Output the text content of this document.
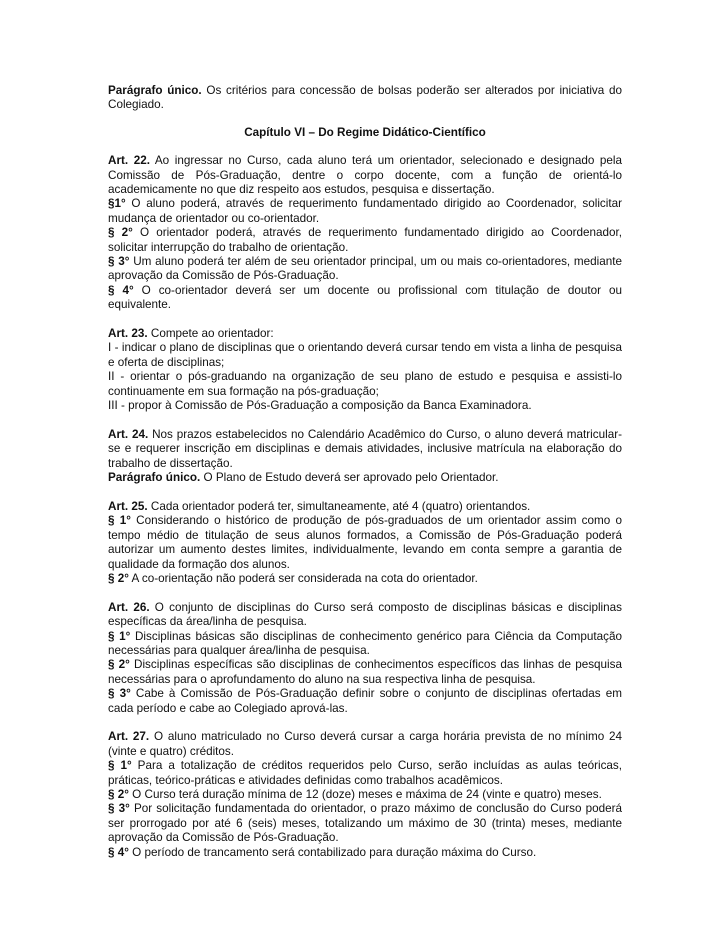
Parágrafo único. Os critérios para concessão de bolsas poderão ser alterados por iniciativa do Colegiado.

Capítulo VI – Do Regime Didático-Científico

Art. 22. Ao ingressar no Curso, cada aluno terá um orientador, selecionado e designado pela Comissão de Pós-Graduação, dentre o corpo docente, com a função de orientá-lo academicamente no que diz respeito aos estudos, pesquisa e dissertação.

§1° O aluno poderá, através de requerimento fundamentado dirigido ao Coordenador, solicitar mudança de orientador ou co-orientador.

§ 2° O orientador poderá, através de requerimento fundamentado dirigido ao Coordenador, solicitar interrupção do trabalho de orientação.

§ 3° Um aluno poderá ter além de seu orientador principal, um ou mais co-orientadores, mediante aprovação da Comissão de Pós-Graduação.

§ 4° O co-orientador deverá ser um docente ou profissional com titulação de doutor ou equivalente.

Art. 23. Compete ao orientador:

I - indicar o plano de disciplinas que o orientando deverá cursar tendo em vista a linha de pesquisa e oferta de disciplinas;

II - orientar o pós-graduando na organização de seu plano de estudo e pesquisa e assisti-lo continuamente em sua formação na pós-graduação;

III - propor à Comissão de Pós-Graduação a composição da Banca Examinadora.

Art. 24. Nos prazos estabelecidos no Calendário Acadêmico do Curso, o aluno deverá matricular-se e requerer inscrição em disciplinas e demais atividades, inclusive matrícula na elaboração do trabalho de dissertação.

Parágrafo único. O Plano de Estudo deverá ser aprovado pelo Orientador.

Art. 25. Cada orientador poderá ter, simultaneamente, até 4 (quatro) orientandos.

§ 1° Considerando o histórico de produção de pós-graduados de um orientador assim como o tempo médio de titulação de seus alunos formados, a Comissão de Pós-Graduação poderá autorizar um aumento destes limites, individualmente, levando em conta sempre a garantia de qualidade da formação dos alunos.

§ 2° A co-orientação não poderá ser considerada na cota do orientador.

Art. 26. O conjunto de disciplinas do Curso será composto de disciplinas básicas e disciplinas específicas da área/linha de pesquisa.

§ 1° Disciplinas básicas são disciplinas de conhecimento genérico para Ciência da Computação necessárias para qualquer área/linha de pesquisa.

§ 2° Disciplinas específicas são disciplinas de conhecimentos específicos das linhas de pesquisa necessárias para o aprofundamento do aluno na sua respectiva linha de pesquisa.

§ 3° Cabe à Comissão de Pós-Graduação definir sobre o conjunto de disciplinas ofertadas em cada período e cabe ao Colegiado aprová-las.

Art. 27. O aluno matriculado no Curso deverá cursar a carga horária prevista de no mínimo 24 (vinte e quatro) créditos.

§ 1° Para a totalização de créditos requeridos pelo Curso, serão incluídas as aulas teóricas, práticas, teórico-práticas e atividades definidas como trabalhos acadêmicos.

§ 2° O Curso terá duração mínima de 12 (doze) meses e máxima de 24 (vinte e quatro) meses.

§ 3° Por solicitação fundamentada do orientador, o prazo máximo de conclusão do Curso poderá ser prorrogado por até 6 (seis) meses, totalizando um máximo de 30 (trinta) meses, mediante aprovação da Comissão de Pós-Graduação.

§ 4° O período de trancamento será contabilizado para duração máxima do Curso.
